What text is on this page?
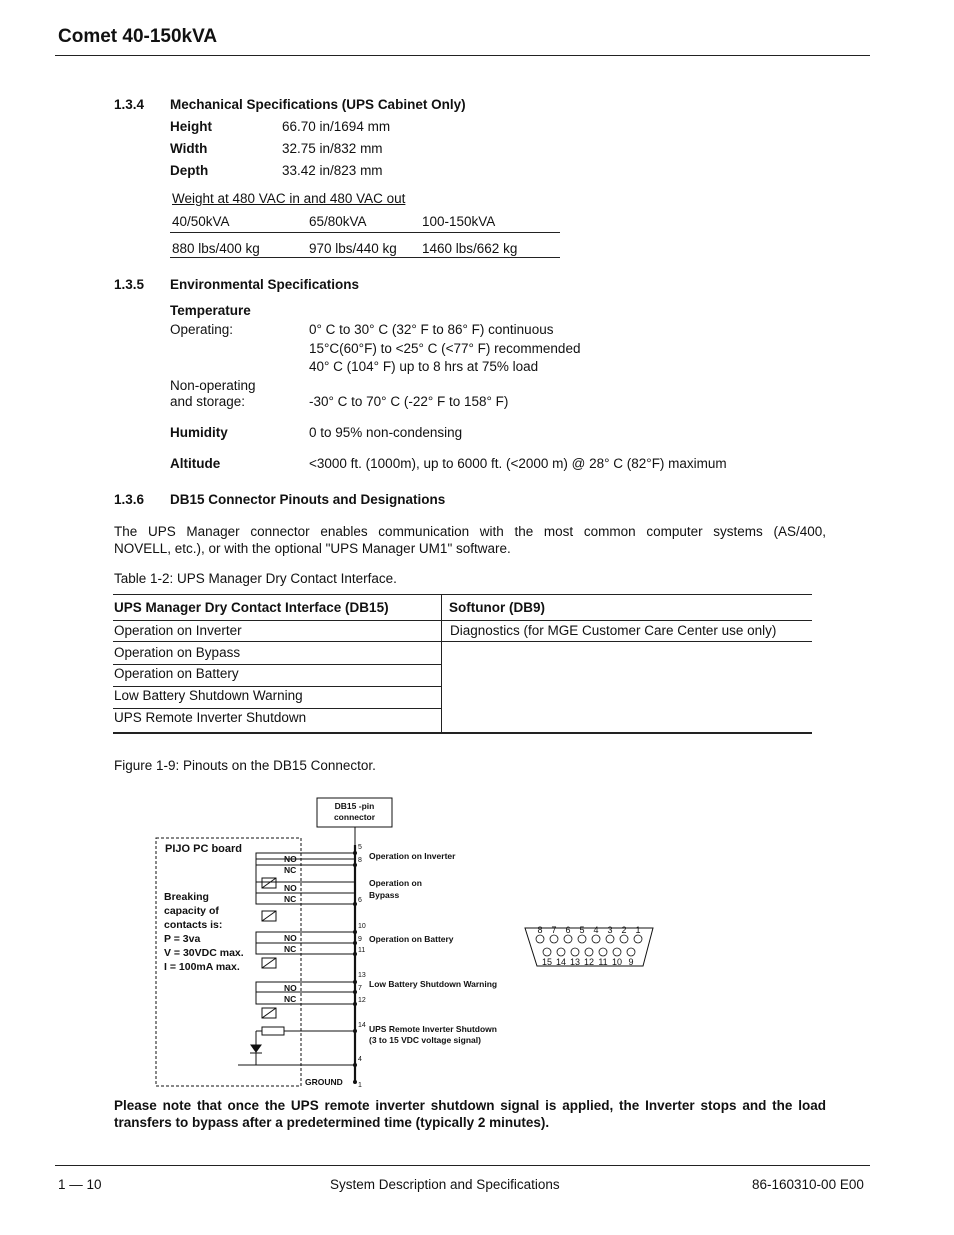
Comet 40-150kVA
1.3.4 Mechanical Specifications (UPS Cabinet Only)
Height	66.70 in/1694 mm
Width	32.75 in/832 mm
Depth	33.42 in/823 mm
Weight at 480 VAC in and 480 VAC out
40/50kVA	65/80kVA	100-150kVA
880 lbs/400 kg	970 lbs/440 kg 1460 lbs/662 kg
1.3.5 Environmental Specifications
Temperature
Operating:	0° C to 30° C (32° F to 86° F) continuous
15°C(60°F) to <25° C (<77° F) recommended
40° C (104° F) up to 8 hrs at 75% load
Non-operating
and storage:	-30° C to 70° C (-22° F to 158° F)
Humidity	0 to 95% non-condensing
Altitude	<3000 ft. (1000m), up to 6000 ft. (<2000 m) @ 28° C (82°F) maximum
1.3.6 DB15 Connector Pinouts and Designations
The UPS Manager connector enables communication with the most common computer systems (AS/400,
NOVELL, etc.), or with the optional "UPS Manager UM1" software.
Table 1-2: UPS Manager Dry Contact Interface.
UPS Manager Dry Contact Interface (DB15)	Softunor (DB9)
Operation on Inverter	Diagnostics (for MGE Customer Care Center use only)
Operation on Bypass
Operation on Battery
Low Battery Shutdown Warning
UPS Remote Inverter Shutdown
Figure 1-9: Pinouts on the DB15 Connector.
DB15 -pin
connector
PIJO PC board
Breaking
capacity of
contacts is:
P = 3va
V = 30VDC max.
I = 100mA max.
NO
NC
NO
NC
NO
NC
NO
NC
GROUND
Operation on Inverter
Operation on
Bypass
Operation on Battery
Low Battery Shutdown Warning
UPS Remote Inverter Shutdown
(3 to 15 VDC voltage signal)
5
8
6
10
9
11
13
7
12
14
4
1
8 7 6 5 4 3 2 1
15 14 13 12 11 10 9
Please note that once the UPS remote inverter shutdown signal is applied, the Inverter stops and the load transfers to bypass after a predetermined time (typically 2 minutes).
1 — 10	System Description and Specifications	86-160310-00 E00
